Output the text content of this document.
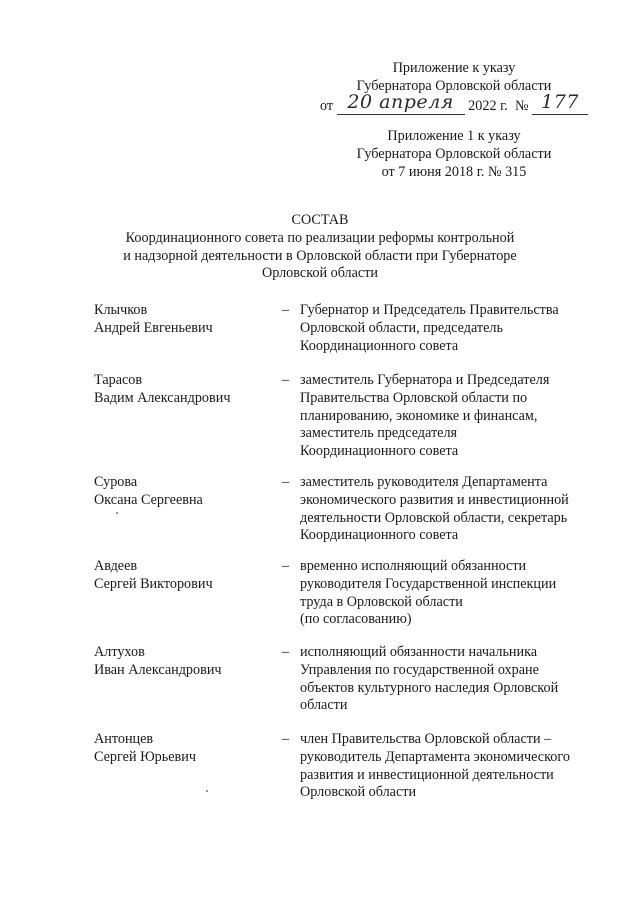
Приложение к указу
Губернатора Орловской области
от 20 апреля 2022 г. № 177
Приложение 1 к указу
Губернатора Орловской области
от 7 июня 2018 г. № 315
СОСТАВ
Координационного совета по реализации реформы контрольной
и надзорной деятельности в Орловской области при Губернаторе
Орловской области
Клычков
Андрей Евгеньевич
– Губернатор и Председатель Правительства
Орловской области, председатель
Координационного совета
Тарасов
Вадим Александрович
– заместитель Губернатора и Председателя
Правительства Орловской области по
планированию, экономике и финансам,
заместитель председателя
Координационного совета
Сурова
Оксана Сергеевна
– заместитель руководителя Департамента
экономического развития и инвестиционной
деятельности Орловской области, секретарь
Координационного совета
Авдеев
Сергей Викторович
– временно исполняющий обязанности
руководителя Государственной инспекции
труда в Орловской области
(по согласованию)
Алтухов
Иван Александрович
– исполняющий обязанности начальника
Управления по государственной охране
объектов культурного наследия Орловской
области
Антонцев
Сергей Юрьевич
– член Правительства Орловской области –
руководитель Департамента экономического
развития и инвестиционной деятельности
Орловской области
